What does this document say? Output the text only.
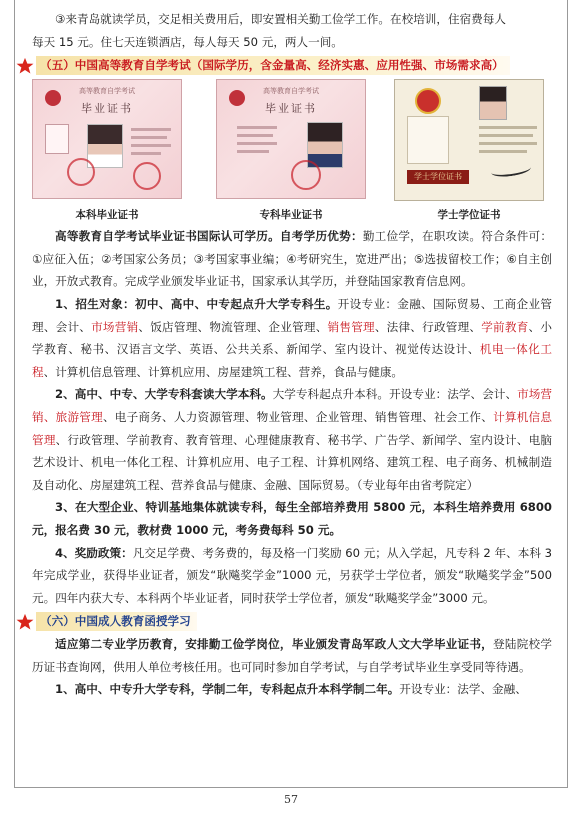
③来青岛就读学员，交足相关费用后，即安置相关勤工俭学工作。在校培训，住宿费每人

每天 15 元。住七天连锁酒店，每人每天 50 元，两人一间。

（五）中国高等教育自学考试（国际学历，含金量高、经济实惠、应用性强、市场需求高）
高等教育自学考试
毕业证书
本科毕业证书
高等教育自学考试
毕业证书
专科毕业证书
学士学位证书
学士学位证书

高等教育自学考试毕业证书国际认可学历。自考学历优势：勤工俭学，在职攻读。符合条件可：①应征入伍；②考国家公务员；③考国家事业编；④考研究生，宽进严出；⑤选拔留校工作；⑥自主创业，开放式教育。完成学业颁发毕业证书，国家承认其学历，并登陆国家教育信息网。

1、招生对象：初中、高中、中专起点升大学专科生。开设专业：金融、国际贸易、工商企业管理、会计、市场营销、饭店管理、物流管理、企业管理、销售管理、法律、行政管理、学前教育、小学教育、秘书、汉语言文学、英语、公共关系、新闻学、室内设计、视觉传达设计、机电一体化工程、计算机信息管理、计算机应用、房屋建筑工程、营养，食品与健康。

2、高中、中专、大学专科套读大学本科。大学专科起点升本科。开设专业：法学、会计、市场营销、旅游管理、电子商务、人力资源管理、物业管理、企业管理、销售管理、社会工作、计算机信息管理、行政管理、学前教育、教育管理、心理健康教育、秘书学、广告学、新闻学、室内设计、电脑艺术设计、机电一体化工程、计算机应用、电子工程、计算机网络、建筑工程、电子商务、机械制造及自动化、房屋建筑工程、营养食品与健康、金融、国际贸易。（专业每年由省考院定）

3、在大型企业、特训基地集体就读专科，每生全部培养费用 5800 元，本科生培养费用 6800 元，报名费 30 元，教材费 1000 元，考务费每科 50 元。

4、奖励政策：凡交足学费、考务费的，每及格一门奖励 60 元；从入学起，凡专科 2 年、本科 3 年完成学业，获得毕业证者，颁发“耿飚奖学金”1000 元，另获学士学位者，颁发“耿飚奖学金”500 元。四年内获大专、本科两个毕业证者，同时获学士学位者，颁发“耿飚奖学金”3000 元。

（六）中国成人教育函授学习

适应第二专业学历教育，安排勤工俭学岗位，毕业颁发青岛军政人文大学毕业证书，登陆院校学历证书查询网，供用人单位考核任用。也可同时参加自学考试，与自学考试毕业生享受同等待遇。

1、高中、中专升大学专科，学制二年，专科起点升本科学制二年。开设专业：法学、金融、

57
